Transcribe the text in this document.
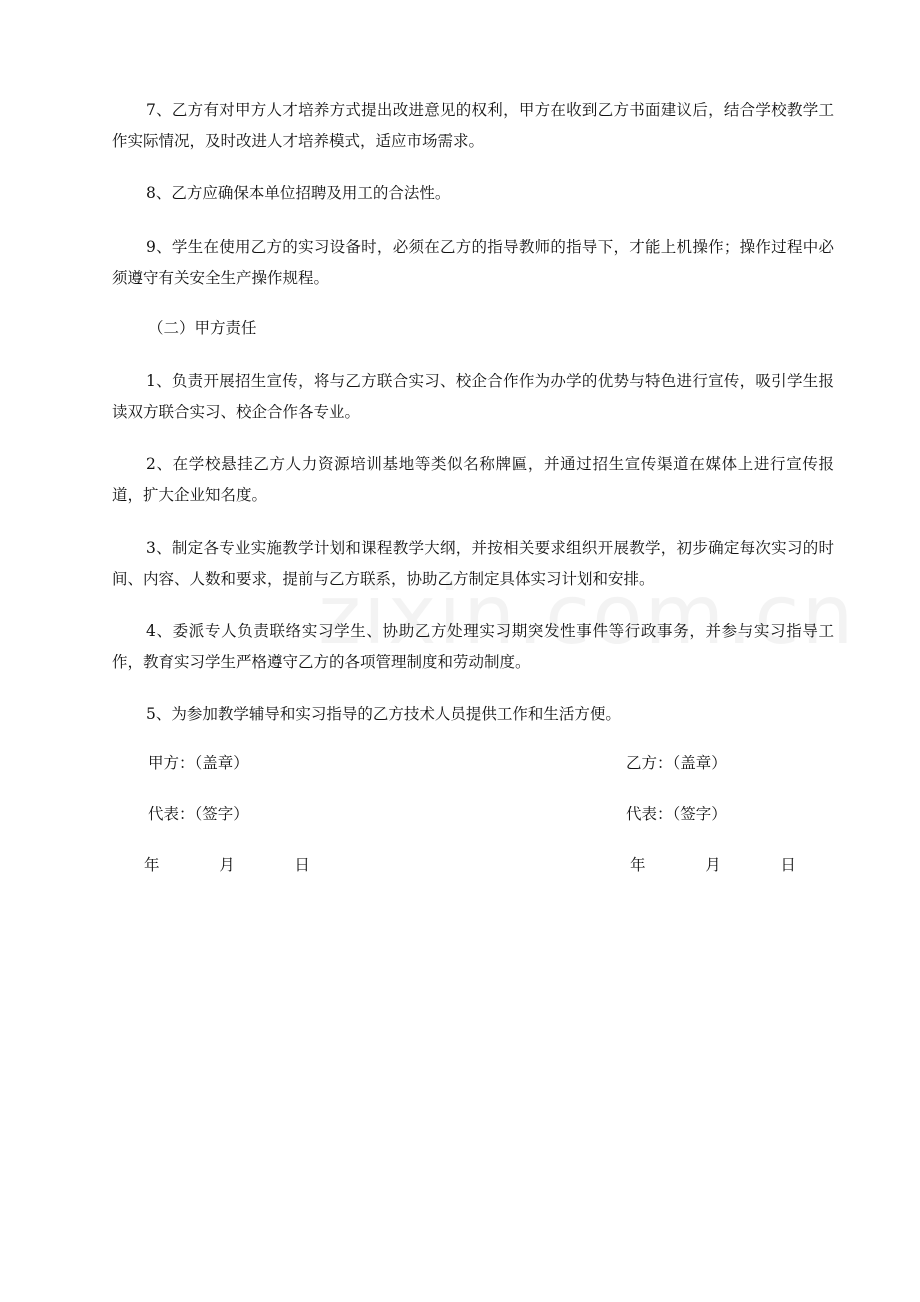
7、乙方有对甲方人才培养方式提出改进意见的权利，甲方在收到乙方书面建议后，结合学校教学工作实际情况，及时改进人才培养模式，适应市场需求。

8、乙方应确保本单位招聘及用工的合法性。

9、学生在使用乙方的实习设备时，必须在乙方的指导教师的指导下，才能上机操作；操作过程中必须遵守有关安全生产操作规程。

（二）甲方责任

1、负责开展招生宣传，将与乙方联合实习、校企合作作为办学的优势与特色进行宣传，吸引学生报读双方联合实习、校企合作各专业。

2、在学校悬挂乙方人力资源培训基地等类似名称牌匾，并通过招生宣传渠道在媒体上进行宣传报道，扩大企业知名度。

3、制定各专业实施教学计划和课程教学大纲，并按相关要求组织开展教学，初步确定每次实习的时间、内容、人数和要求，提前与乙方联系，协助乙方制定具体实习计划和安排。

4、委派专人负责联络实习学生、协助乙方处理实习期突发性事件等行政事务，并参与实习指导工作，教育实习学生严格遵守乙方的各项管理制度和劳动制度。

5、为参加教学辅导和实习指导的乙方技术人员提供工作和生活方便。

甲方：（盖章）	乙方：（盖章）

代表：（签字）	代表：（签字）

年    月    日	年    月    日
